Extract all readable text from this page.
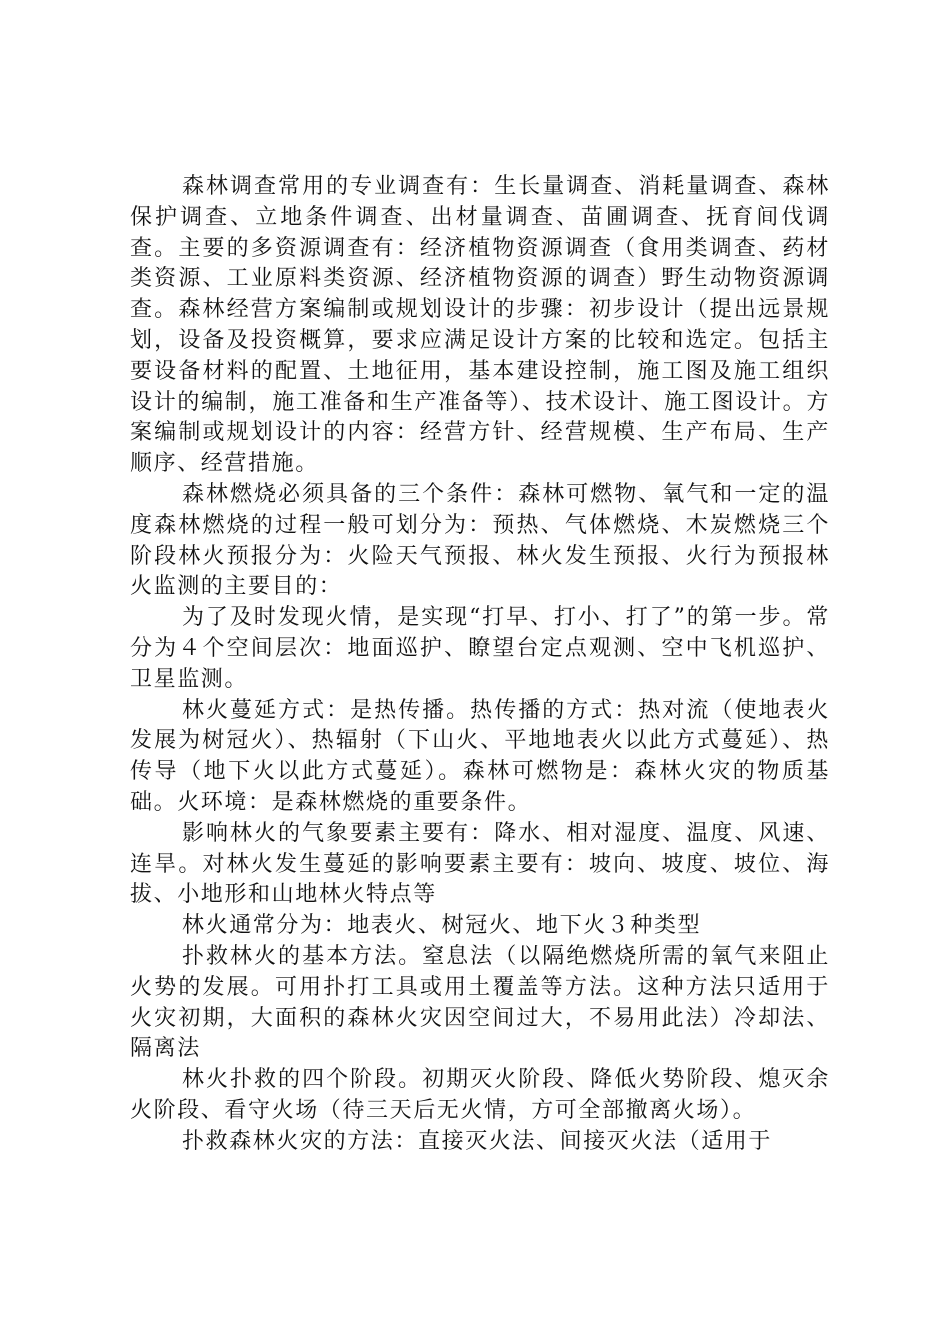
森林调查常用的专业调查有：生长量调查、消耗量调查、森林保护调查、立地条件调查、出材量调查、苗圃调查、抚育间伐调查。主要的多资源调查有：经济植物资源调查（食用类调查、药材类资源、工业原料类资源、经济植物资源的调查）野生动物资源调查。森林经营方案编制或规划设计的步骤：初步设计（提出远景规划，设备及投资概算，要求应满足设计方案的比较和选定。包括主要设备材料的配置、土地征用，基本建设控制，施工图及施工组织设计的编制，施工准备和生产准备等）、技术设计、施工图设计。方案编制或规划设计的内容：经营方针、经营规模、生产布局、生产顺序、经营措施。

森林燃烧必须具备的三个条件：森林可燃物、氧气和一定的温度森林燃烧的过程一般可划分为：预热、气体燃烧、木炭燃烧三个阶段林火预报分为：火险天气预报、林火发生预报、火行为预报林火监测的主要目的：

为了及时发现火情，是实现“打早、打小、打了”的第一步。常分为４个空间层次：地面巡护、瞭望台定点观测、空中飞机巡护、卫星监测。

林火蔓延方式：是热传播。热传播的方式：热对流（使地表火发展为树冠火）、热辐射（下山火、平地地表火以此方式蔓延）、热传导（地下火以此方式蔓延）。森林可燃物是：森林火灾的物质基础。火环境：是森林燃烧的重要条件。

影响林火的气象要素主要有：降水、相对湿度、温度、风速、连旱。对林火发生蔓延的影响要素主要有：坡向、坡度、坡位、海拔、小地形和山地林火特点等

林火通常分为：地表火、树冠火、地下火３种类型

扑救林火的基本方法。窒息法（以隔绝燃烧所需的氧气来阻止火势的发展。可用扑打工具或用土覆盖等方法。这种方法只适用于火灾初期，大面积的森林火灾因空间过大，不易用此法）冷却法、隔离法

林火扑救的四个阶段。初期灭火阶段、降低火势阶段、熄灭余火阶段、看守火场（待三天后无火情，方可全部撤离火场）。

扑救森林火灾的方法：直接灭火法、间接灭火法（适用于
